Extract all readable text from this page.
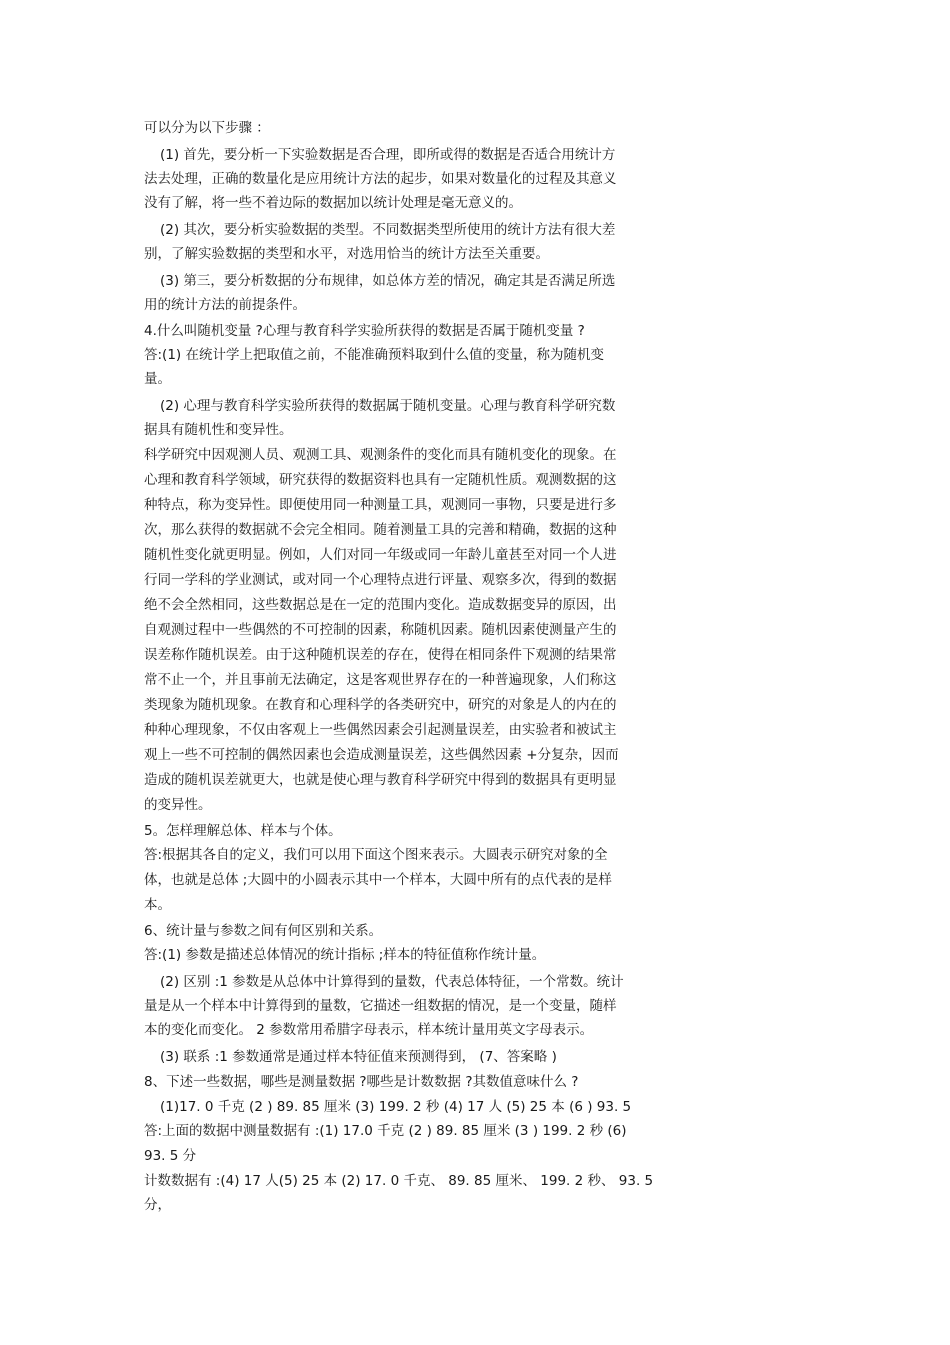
可以分为以下步骤 ：
(1) 首先，要分析一下实验数据是否合理，即所或得的数据是否适合用统计方
法去处理，正确的数量化是应用统计方法的起步，如果对数量化的过程及其意义
没有了解，将一些不着边际的数据加以统计处理是毫无意义的。
(2) 其次，要分析实验数据的类型。不同数据类型所使用的统计方法有很大差
别，了解实验数据的类型和水平，对选用恰当的统计方法至关重要。
(3) 第三，要分析数据的分布规律，如总体方差的情况，确定其是否满足所选
用的统计方法的前提条件。
4.什么叫随机变量 ?心理与教育科学实验所获得的数据是否属于随机变量 ?
答:(1) 在统计学上把取值之前，不能准确预料取到什么值的变量，称为随机变
量。
(2) 心理与教育科学实验所获得的数据属于随机变量。心理与教育科学研究数
据具有随机性和变异性。
科学研究中因观测人员、观测工具、观测条件的变化而具有随机变化的现象。在
心理和教育科学领域，研究获得的数据资料也具有一定随机性质。观测数据的这
种特点，称为变异性。即便使用同一种测量工具，观测同一事物，只要是进行多
次，那么获得的数据就不会完全相同。随着测量工具的完善和精确，数据的这种
随机性变化就更明显。例如，人们对同一年级或同一年龄儿童甚至对同一个人进
行同一学科的学业测试，或对同一个心理特点进行评量、观察多次，得到的数据
绝不会全然相同，这些数据总是在一定的范围内变化。造成数据变异的原因，出
自观测过程中一些偶然的不可控制的因素，称随机因素。随机因素使测量产生的
误差称作随机误差。由于这种随机误差的存在，使得在相同条件下观测的结果常
常不止一个，并且事前无法确定，这是客观世界存在的一种普遍现象，人们称这
类现象为随机现象。在教育和心理科学的各类研究中，研究的对象是人的内在的
种种心理现象，不仅由客观上一些偶然因素会引起测量误差，由实验者和被试主
观上一些不可控制的偶然因素也会造成测量误差，这些偶然因素 +分复杂，因而
造成的随机误差就更大，也就是使心理与教育科学研究中得到的数据具有更明显
的变异性。
5。怎样理解总体、样本与个体。
答:根据其各自的定义，我们可以用下面这个图来表示。大圆表示研究对象的全
体，也就是总体 ;大圆中的小圆表示其中一个样本，大圆中所有的点代表的是样
本。
6、统计量与参数之间有何区别和关系。
答:(1) 参数是描述总体情况的统计指标 ;样本的特征值称作统计量。
(2) 区别 :1 参数是从总体中计算得到的量数，代表总体特征，一个常数。统计
量是从一个样本中计算得到的量数，它描述一组数据的情况，是一个变量，随样
本的变化而变化。 2 参数常用希腊字母表示，样本统计量用英文字母表示。
(3) 联系 :1 参数通常是通过样本特征值来预测得到， (7、答案略 )
8、下述一些数据，哪些是测量数据 ?哪些是计数数据 ?其数值意味什么 ?
(1)17. 0 千克 (2 ) 89. 85 厘米 (3) 199. 2 秒 (4) 17 人 (5) 25 本 (6 ) 93. 5
答:上面的数据中测量数据有 :(1) 17.0 千克 (2 ) 89. 85 厘米 (3 ) 199. 2 秒 (6)
93. 5 分
计数数据有 :(4) 17 人(5) 25 本 (2) 17. 0 千克、 89. 85 厘米、 199. 2 秒、 93. 5
分，
